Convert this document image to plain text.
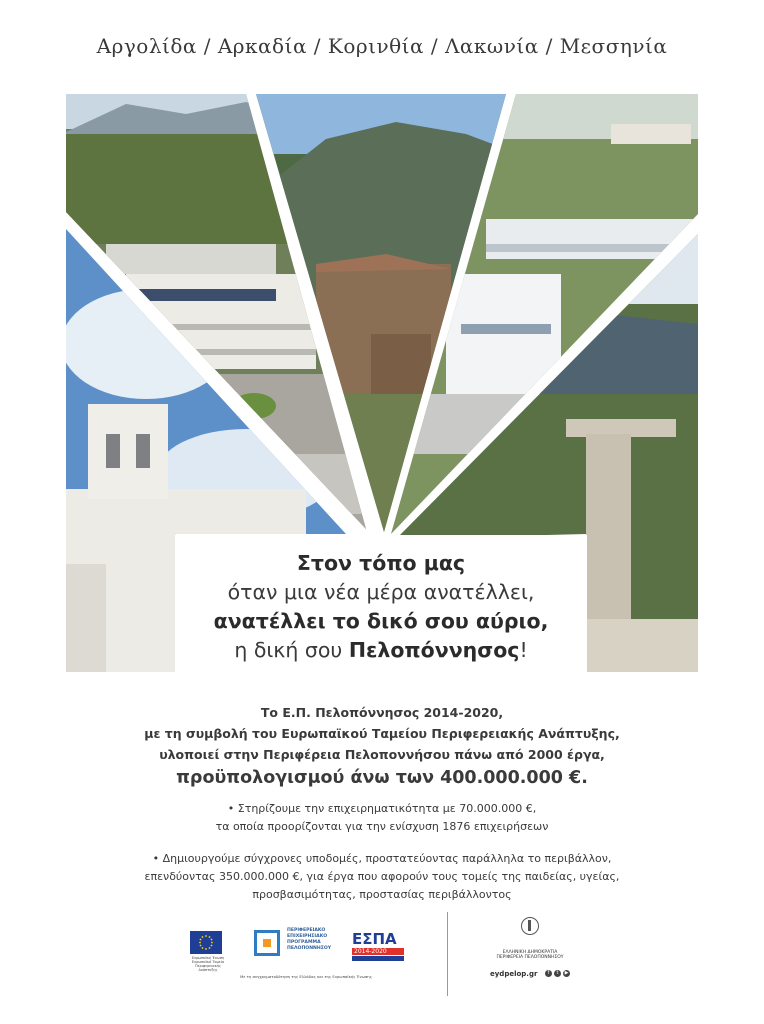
Αργολίδα / Αρκαδία / Κορινθία / Λακωνία / Μεσσηνία
Στον τόπο μας
όταν μια νέα μέρα ανατέλλει,
ανατέλλει το δικό σου αύριο,
η δική σου Πελοπόννησος!
Το Ε.Π. Πελοπόννησος 2014-2020,
με τη συμβολή του Ευρωπαϊκού Ταμείου Περιφερειακής Ανάπτυξης,
υλοποιεί στην Περιφέρεια Πελοποννήσου πάνω από 2000 έργα,
προϋπολογισμού άνω των 400.000.000 €.
• Στηρίζουμε την επιχειρηματικότητα με 70.000.000 €,
τα οποία προορίζονται για την ενίσχυση 1876 επιχειρήσεων
• Δημιουργούμε σύγχρονες υποδομές, προστατεύοντας παράλληλα το περιβάλλον,
επενδύοντας 350.000.000 €, για έργα που αφορούν τους τομείς της παιδείας, υγείας,
προσβασιμότητας, προστασίας περιβάλλοντος
Ευρωπαϊκή Ένωση Ευρωπαϊκό Ταμείο Περιφερειακής Ανάπτυξης
ΠΕΡΙΦΕΡΕΙΑΚΟ
ΕΠΙΧΕΙΡΗΣΙΑΚΟ
ΠΡΟΓΡΑΜΜΑ
ΠΕΛΟΠΟΝΝΗΣΟΥ
ΕΣΠΑ
2014-2020
Με τη συγχρηματοδότηση της Ελλάδας και της Ευρωπαϊκής Ένωσης
ΕΛΛΗΝΙΚΗ ΔΗΜΟΚΡΑΤΙΑ
ΠΕΡΙΦΕΡΕΙΑ ΠΕΛΟΠΟΝΝΗΣΟΥ
eydpelop.gr	f	t	▶
